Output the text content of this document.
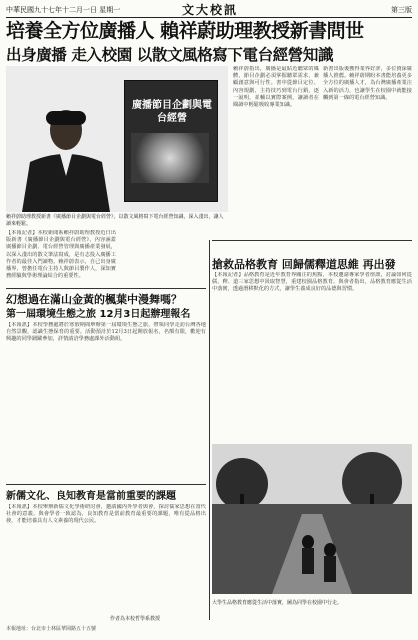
中華民國九十七年十二月一日 星期一	文大校訊	第三版
培養全方位廣播人 賴祥蔚助理教授新書問世
出身廣播 走入校園 以散文風格寫下電台經營知識
廣播節目企劃與電台經營
賴祥蔚助理教授新書《廣播節目企劃與電台經營》，以散文風格寫下電台經營知識，深入淺出，讓人讀來輕鬆。
【本報記者】本校新聞系賴祥蔚助理教授近日出版新書《廣播節目企劃與電台經營》，內容涵蓋廣播節目企劃、電台經營管理與廣播產業發展，以深入淺出的散文筆法寫成，是有志投入廣播工作者的最佳入門讀物。賴祥蔚表示，自己出身廣播界，曾擔任電台主持人與節目製作人，深知實務經驗與學術理論結合的重要性。
賴祥蔚指出，廣播是最貼近聽眾的媒體，節目企劃必須掌握聽眾需求，兼顧創意與可行性。書中從節目定位、內容規劃、主持技巧到電台行銷，逐一說明，並輔以實際案例，讓讀者在閱讀中輕鬆吸收專業知識。
新書出版後獲得業界好評，多位資深廣播人推薦。賴祥蔚期盼本書能培養更多全方位的廣播人才，為台灣廣播產業注入新的活力，也讓學生在校園中就能接觸到第一線的電台經營知識。
幻想過在滿山金黃的楓葉中漫舞嗎？
第一屆環境生態之旅 12月3日起辦理報名
【本報訊】本校學務處將於寒假期間舉辦第一屆環境生態之旅，帶領同學走訪台灣各地自然景觀，認識生態保育的重要。活動預計於12月3日起開放報名，名額有限，歡迎有興趣的同學踴躍參加，詳情請洽學務處課外活動組。
搶救品格教育 回歸儒釋道思維 再出發
【本報記者】品格教育是近年教育界關注的焦點，本校邀請專家學者座談，討論如何從儒、釋、道三家思想中汲取智慧，重建校園品格教育。與會者指出，品格教育應從生活中落實，透過潛移默化的方式，讓學生養成良好的品德與習慣。
新儒文化、良知教育是當前重要的課題
【本報訊】本校舉辦新儒文化學術研討會，邀請國內外學者與會，探討儒家思想在當代社會的意義。與會學者一致認為，良知教育是當前教育最重要的課題，唯有從品格出發，才能培養具有人文素養的現代公民。
作者為本校哲學系教授
大學生品格教育應從生活中落實，圖為同學在校園中行走。
本報地址：台北市士林區華岡路五十五號
